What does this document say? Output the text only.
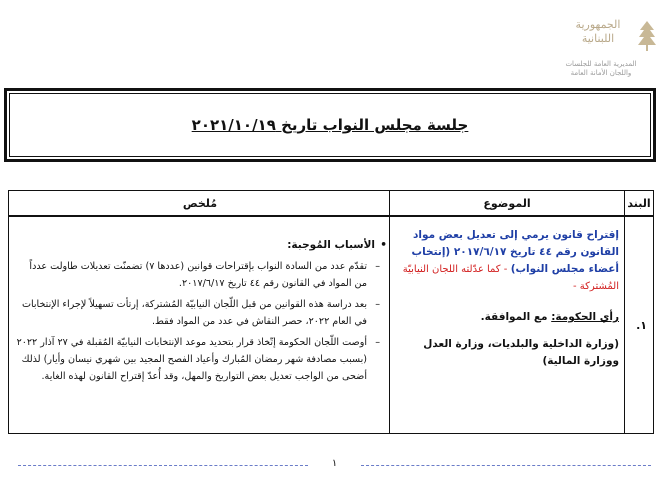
الجمهورية اللبنانية
المديرية العامة للجلسات واللجان الأمانة العامة
جلسة مجلس النواب تاريخ ٢٠٢١/١٠/١٩
البند
الموضوع
مُلخص
١.
إقتراح قانون يرمي إلى تعديل بعض مواد القانون رقم ٤٤ تاريخ ٢٠١٧/٦/١٧ (إنتخاب أعضاء مجلس النواب) - كما عدّلته اللجان النيابيّة المُشتركة -
رأي الحكومة: مع الموافقة.
(وزارة الداخلية والبلديات، وزارة العدل ووزارة المالية)
• الأسباب المُوجبة:
– تقدّم عدد من السادة النواب بإقتراحات قوانين (عددها ٧) تضمنّت تعديلات طاولت عدداً من المواد في القانون رقم ٤٤ تاريخ ٢٠١٧/٦/١٧.
– بعد دراسة هذه القوانين من قبل اللّجان النيابيّة المُشتركة، إرتأت تسهيلاً لإجراء الإنتخابات في العام ٢٠٢٢، حصر النقاش في عدد من المواد فقط.
– أوصت اللّجان الحكومة إتّخاذ قرار بتحديد موعد الإنتخابات النيابيّة المُقبلة في ٢٧ آذار ٢٠٢٢ (بسبب مصادفة شهر رمضان المُبارك وأعياد الفصح المجيد بين شهري نيسان وأيار) لذلك أضحى من الواجب تعديل بعض التواريخ والمهل، وقد أُعدّ إقتراح القانون لهذه الغاية.
١
